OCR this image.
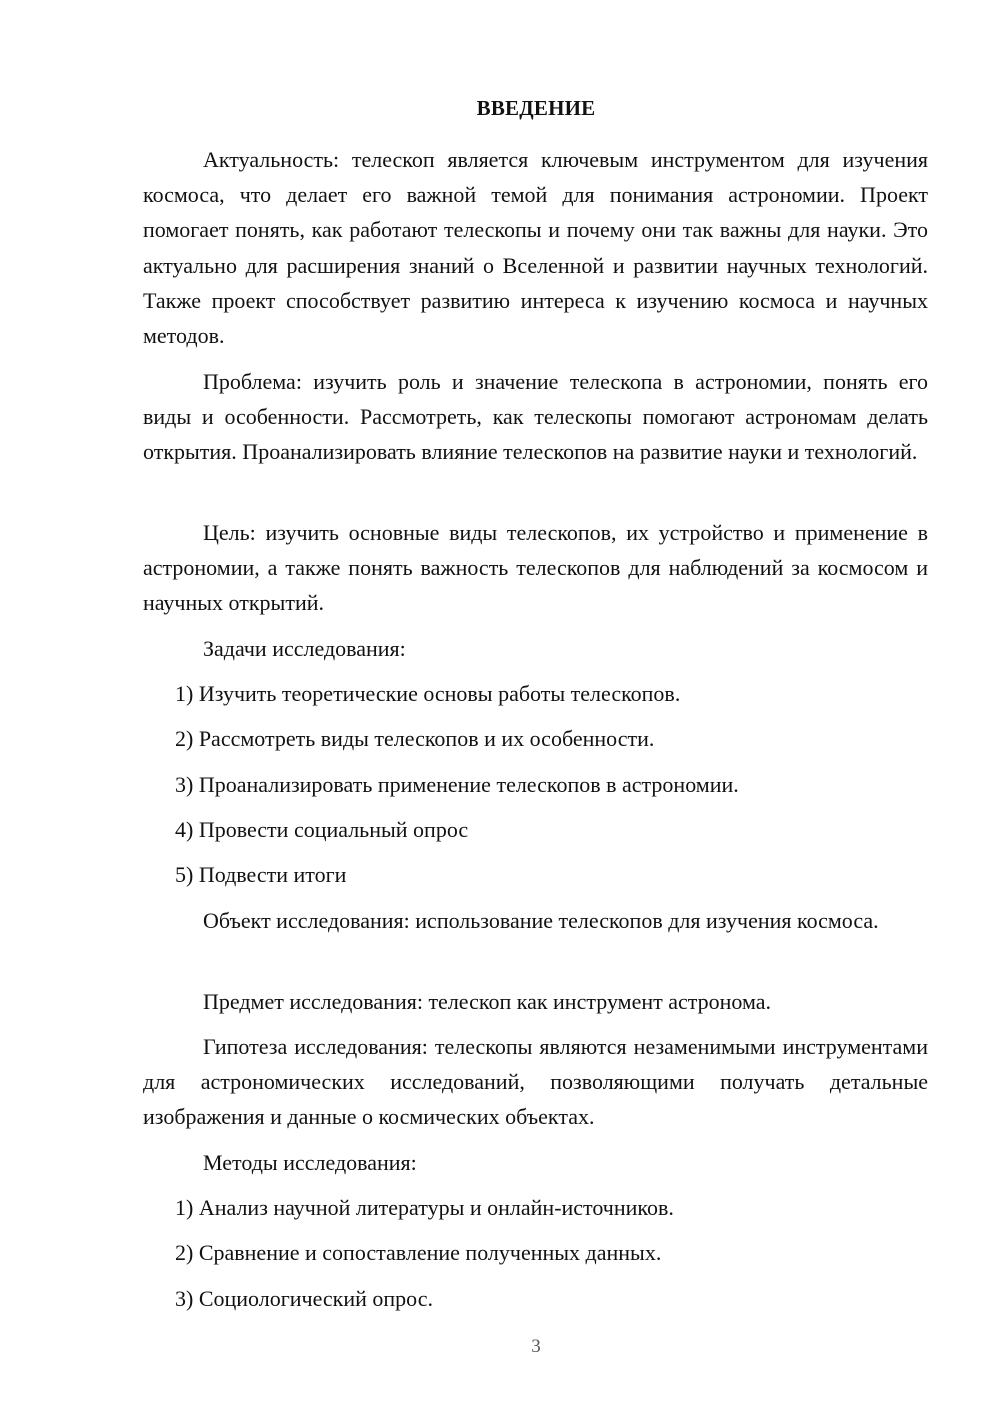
ВВЕДЕНИЕ

Актуальность: телескоп является ключевым инструментом для изучения космоса, что делает его важной темой для понимания астрономии. Проект помогает понять, как работают телескопы и почему они так важны для науки. Это актуально для расширения знаний о Вселенной и развитии научных технологий. Также проект способствует развитию интереса к изучению космоса и научных методов.

Проблема: изучить роль и значение телескопа в астрономии, понять его виды и особенности. Рассмотреть, как телескопы помогают астрономам делать открытия. Проанализировать влияние телескопов на развитие науки и технологий.

Цель: изучить основные виды телескопов, их устройство и применение в астрономии, а также понять важность телескопов для наблюдений за космосом и научных открытий.

Задачи исследования:

1) Изучить теоретические основы работы телескопов.

2) Рассмотреть виды телескопов и их особенности.

3) Проанализировать применение телескопов в астрономии.

4) Провести социальный опрос

5) Подвести итоги

Объект исследования: использование телескопов для изучения космоса.

Предмет исследования: телескоп как инструмент астронома.

Гипотеза исследования: телескопы являются незаменимыми инструментами для астрономических исследований, позволяющими получать детальные изображения и данные о космических объектах.

Методы исследования:

1) Анализ научной литературы и онлайн-источников.

2) Сравнение и сопоставление полученных данных.

3) Социологический опрос.

3
